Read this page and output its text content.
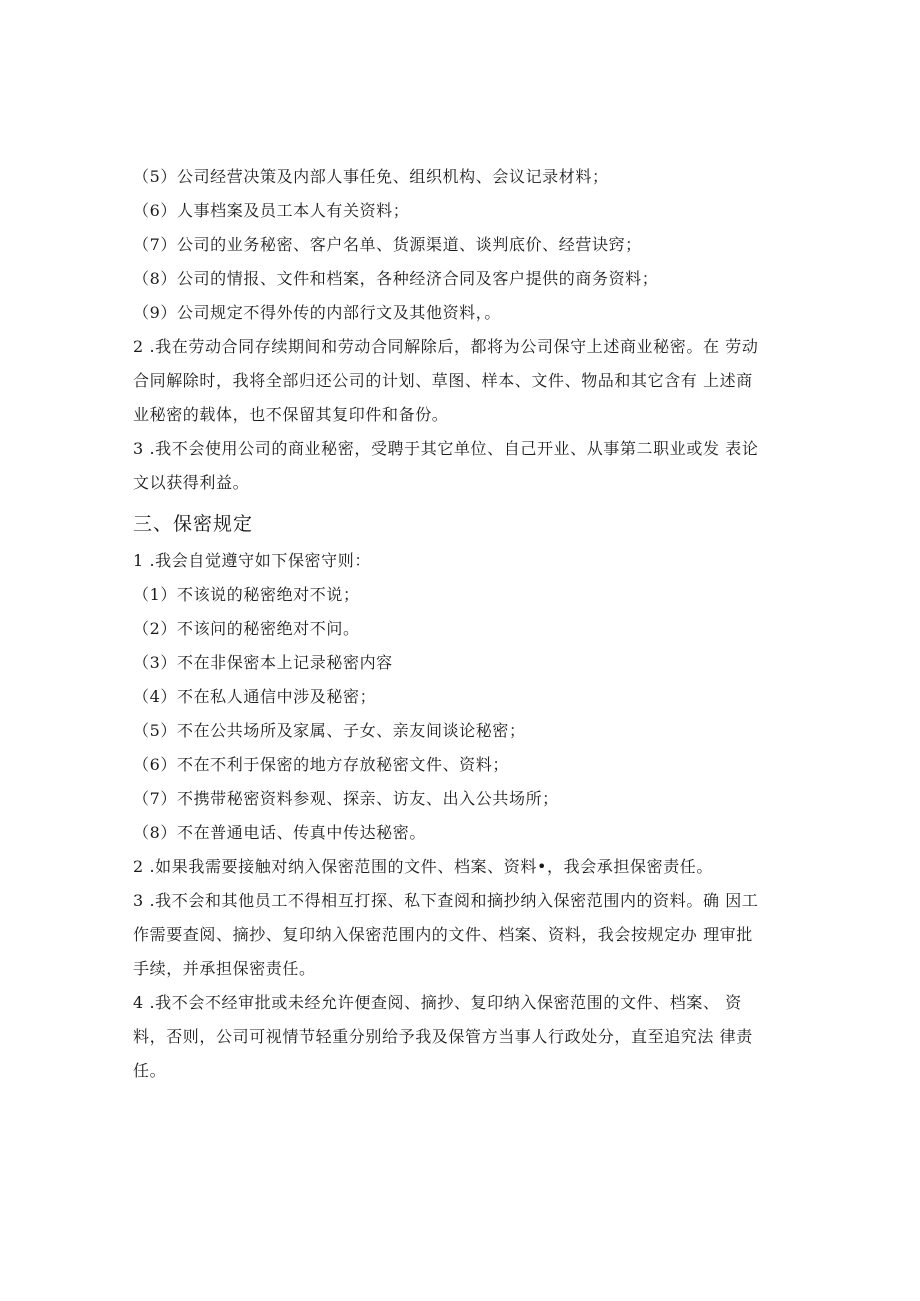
（5）公司经营决策及内部人事任免、组织机构、会议记录材料；
（6）人事档案及员工本人有关资料；
（7）公司的业务秘密、客户名单、货源渠道、谈判底价、经营诀窍；
（8）公司的情报、文件和档案，各种经济合同及客户提供的商务资料；
（9）公司规定不得外传的内部行文及其他资料，。
2 .我在劳动合同存续期间和劳动合同解除后，都将为公司保守上述商业秘密。在 劳动
合同解除时，我将全部归还公司的计划、草图、样本、文件、物品和其它含有 上述商
业秘密的载体，也不保留其复印件和备份。
3 .我不会使用公司的商业秘密，受聘于其它单位、自己开业、从事第二职业或发 表论
文以获得利益。
三、保密规定
1 .我会自觉遵守如下保密守则：
（1）不该说的秘密绝对不说；
（2）不该问的秘密绝对不问。
（3）不在非保密本上记录秘密内容
（4）不在私人通信中涉及秘密；
（5）不在公共场所及家属、子女、亲友间谈论秘密；
（6）不在不利于保密的地方存放秘密文件、资料；
（7）不携带秘密资料参观、探亲、访友、出入公共场所；
（8）不在普通电话、传真中传达秘密。
2 .如果我需要接触对纳入保密范围的文件、档案、资料•，我会承担保密责任。
3 .我不会和其他员工不得相互打探、私下查阅和摘抄纳入保密范围内的资料。确 因工
作需要查阅、摘抄、复印纳入保密范围内的文件、档案、资料，我会按规定办 理审批
手续，并承担保密责任。
4 .我不会不经审批或未经允许便查阅、摘抄、复印纳入保密范围的文件、档案、 资
料，否则，公司可视情节轻重分别给予我及保管方当事人行政处分，直至追究法 律责
任。
